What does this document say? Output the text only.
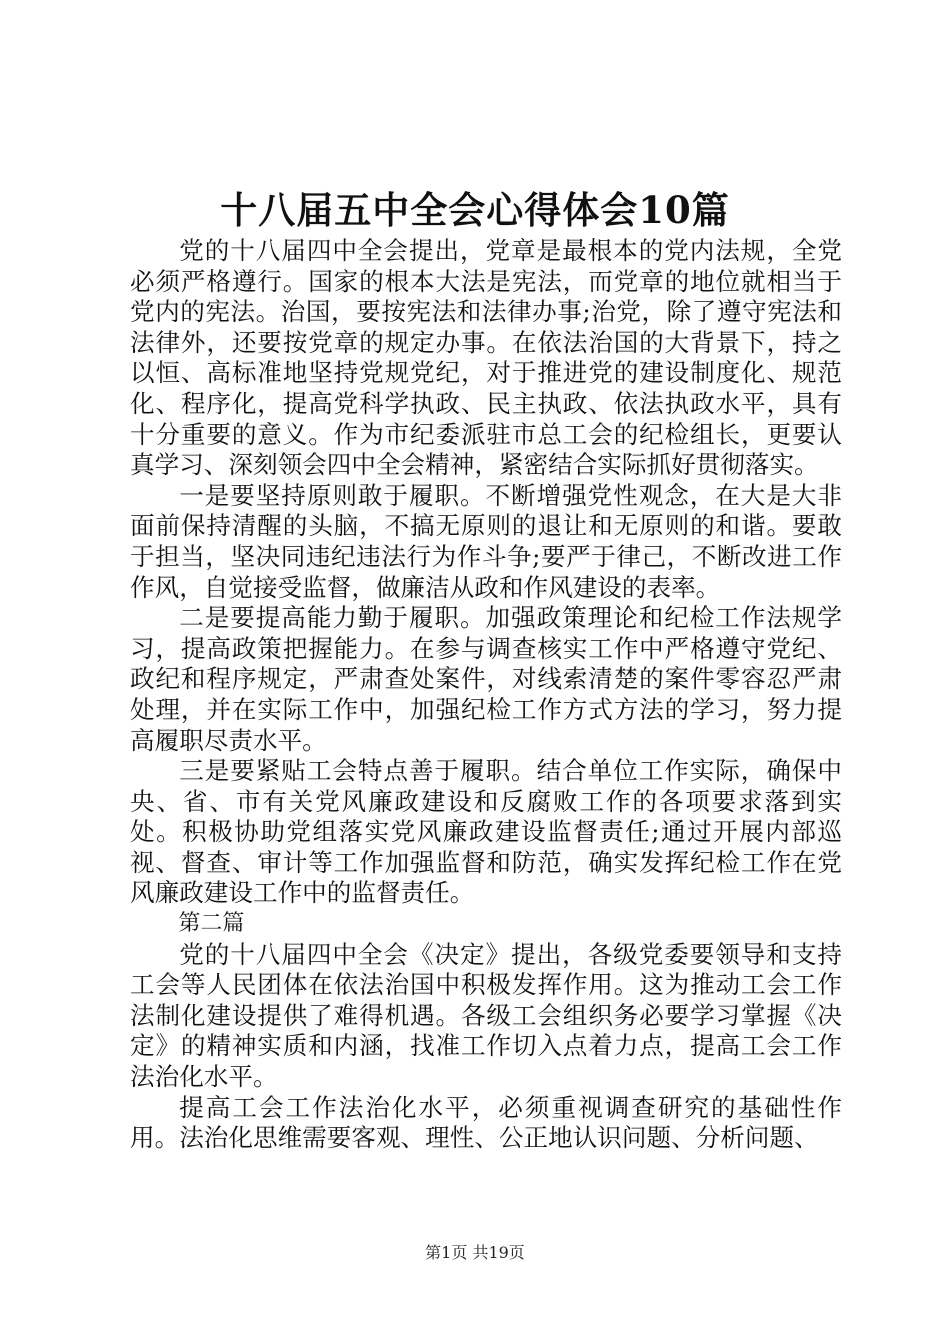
十八届五中全会心得体会10篇

党的十八届四中全会提出，党章是最根本的党内法规，全党必须严格遵行。国家的根本大法是宪法，而党章的地位就相当于党内的宪法。治国，要按宪法和法律办事;治党，除了遵守宪法和法律外，还要按党章的规定办事。在依法治国的大背景下，持之以恒、高标准地坚持党规党纪，对于推进党的建设制度化、规范化、程序化，提高党科学执政、民主执政、依法执政水平，具有十分重要的意义。作为市纪委派驻市总工会的纪检组长，更要认真学习、深刻领会四中全会精神，紧密结合实际抓好贯彻落实。

一是要坚持原则敢于履职。不断增强党性观念，在大是大非面前保持清醒的头脑，不搞无原则的退让和无原则的和谐。要敢于担当，坚决同违纪违法行为作斗争;要严于律己，不断改进工作作风，自觉接受监督，做廉洁从政和作风建设的表率。

二是要提高能力勤于履职。加强政策理论和纪检工作法规学习，提高政策把握能力。在参与调查核实工作中严格遵守党纪、政纪和程序规定，严肃查处案件，对线索清楚的案件零容忍严肃处理，并在实际工作中，加强纪检工作方式方法的学习，努力提高履职尽责水平。

三是要紧贴工会特点善于履职。结合单位工作实际，确保中央、省、市有关党风廉政建设和反腐败工作的各项要求落到实处。积极协助党组落实党风廉政建设监督责任;通过开展内部巡视、督查、审计等工作加强监督和防范，确实发挥纪检工作在党风廉政建设工作中的监督责任。

第二篇

党的十八届四中全会《决定》提出，各级党委要领导和支持工会等人民团体在依法治国中积极发挥作用。这为推动工会工作法制化建设提供了难得机遇。各级工会组织务必要学习掌握《决定》的精神实质和内涵，找准工作切入点着力点，提高工会工作法治化水平。

提高工会工作法治化水平，必须重视调查研究的基础性作用。法治化思维需要客观、理性、公正地认识问题、分析问题、

第1页 共19页
